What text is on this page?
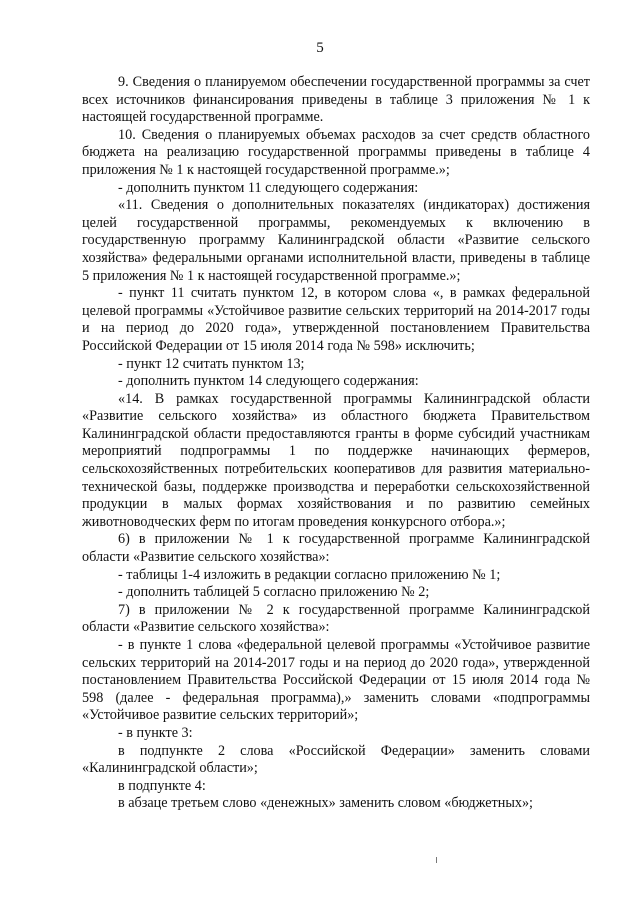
5

9. Сведения о планируемом обеспечении государственной программы за счет всех источников финансирования приведены в таблице 3 приложения № 1 к настоящей государственной программе.

10. Сведения о планируемых объемах расходов за счет средств областного бюджета на реализацию государственной программы приведены в таблице 4 приложения № 1 к настоящей государственной программе.»;

- дополнить пунктом 11 следующего содержания:

«11. Сведения о дополнительных показателях (индикаторах) достижения целей государственной программы, рекомендуемых к включению в государственную программу Калининградской области «Развитие сельского хозяйства» федеральными органами исполнительной власти, приведены в таблице 5 приложения № 1 к настоящей государственной программе.»;

- пункт 11 считать пунктом 12, в котором слова «, в рамках федеральной целевой программы «Устойчивое развитие сельских территорий на 2014-2017 годы и на период до 2020 года», утвержденной постановлением Правительства Российской Федерации от 15 июля 2014 года № 598» исключить;

- пункт 12 считать пунктом 13;

- дополнить пунктом 14 следующего содержания:

«14. В рамках государственной программы Калининградской области «Развитие сельского хозяйства» из областного бюджета Правительством Калининградской области предоставляются гранты в форме субсидий участникам мероприятий подпрограммы 1 по поддержке начинающих фермеров, сельскохозяйственных потребительских кооперативов для развития материально-технической базы, поддержке производства и переработки сельскохозяйственной продукции в малых формах хозяйствования и по развитию семейных животноводческих ферм по итогам проведения конкурсного отбора.»;

6) в приложении № 1 к государственной программе Калининградской области «Развитие сельского хозяйства»:

- таблицы 1-4 изложить в редакции согласно приложению № 1;

- дополнить таблицей 5 согласно приложению № 2;

7) в приложении № 2 к государственной программе Калининградской области «Развитие сельского хозяйства»:

- в пункте 1 слова «федеральной целевой программы «Устойчивое развитие сельских территорий на 2014-2017 годы и на период до 2020 года», утвержденной постановлением Правительства Российской Федерации от 15 июля 2014 года № 598 (далее - федеральная программа),» заменить словами «подпрограммы «Устойчивое развитие сельских территорий»;

- в пункте 3:

в подпункте 2 слова «Российской Федерации» заменить словами «Калининградской области»;

в подпункте 4:

в абзаце третьем слово «денежных» заменить словом «бюджетных»;
